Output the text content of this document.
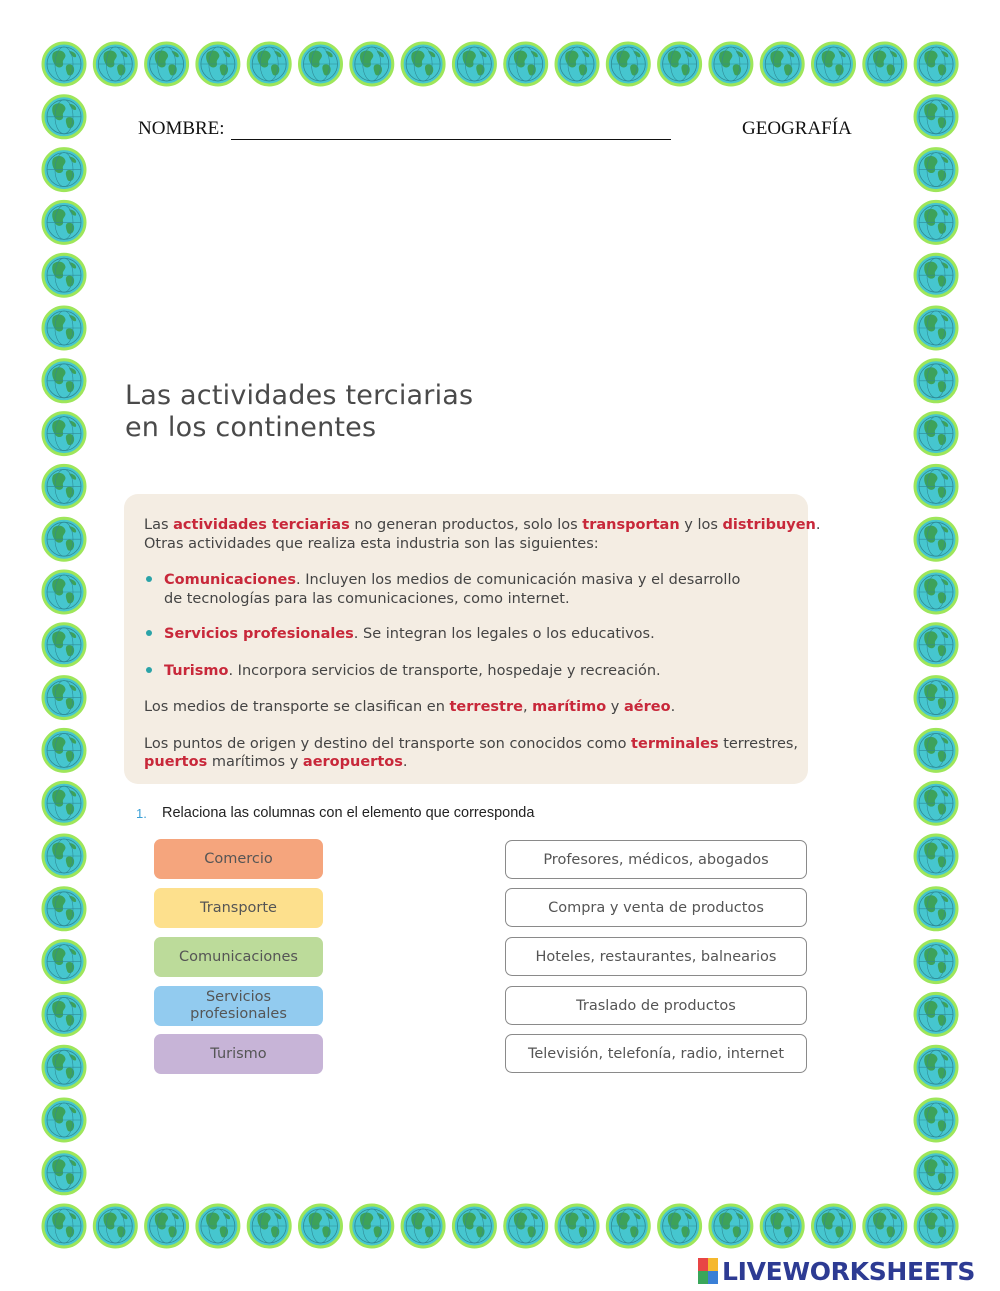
NOMBRE:	GEOGRAFÍA
Las actividades terciarias
en los continentes
Las actividades terciarias no generan productos, solo los transportan y los distribuyen.
Otras actividades que realiza esta industria son las siguientes:
Comunicaciones. Incluyen los medios de comunicación masiva y el desarrollo
de tecnologías para las comunicaciones, como internet.
Servicios profesionales. Se integran los legales o los educativos.
Turismo. Incorpora servicios de transporte, hospedaje y recreación.
Los medios de transporte se clasifican en terrestre, marítimo y aéreo.
Los puntos de origen y destino del transporte son conocidos como terminales terrestres,
puertos marítimos y aeropuertos.
1. Relaciona las columnas con el elemento que corresponda
Comercio
Transporte
Comunicaciones
Servicios profesionales
Turismo
Profesores, médicos, abogados
Compra y venta de productos
Hoteles, restaurantes, balnearios
Traslado de productos
Televisión, telefonía, radio, internet
LIVEWORKSHEETS
